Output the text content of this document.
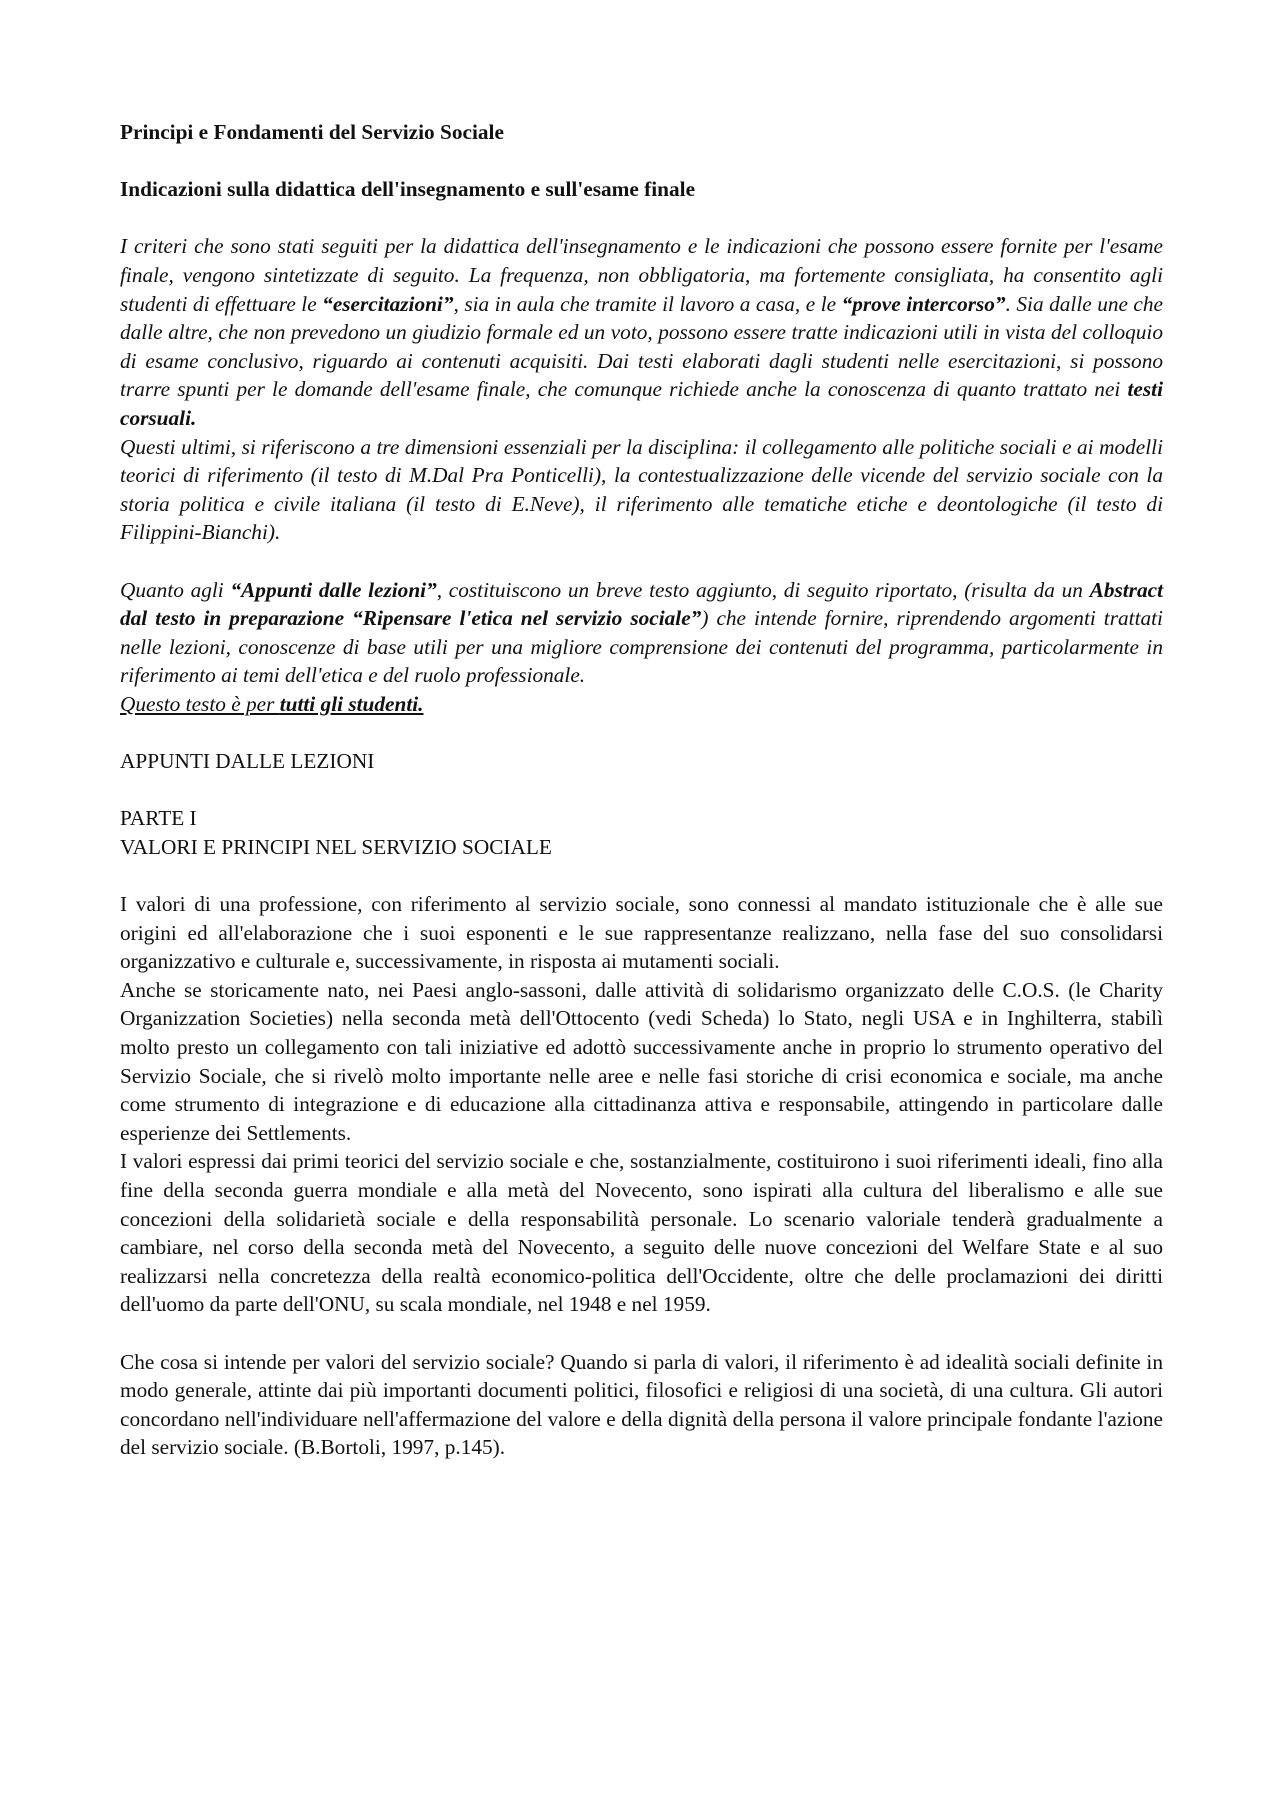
Principi e Fondamenti del Servizio Sociale

Indicazioni sulla didattica dell'insegnamento e sull'esame finale

I criteri che sono stati seguiti per la didattica dell'insegnamento e le indicazioni che possono essere fornite per l'esame finale, vengono sintetizzate di seguito. La frequenza, non obbligatoria, ma fortemente consigliata, ha consentito agli studenti di effettuare le “esercitazioni”, sia in aula che tramite il lavoro a casa, e le “prove intercorso”. Sia dalle une che dalle altre, che non prevedono un giudizio formale ed un voto, possono essere tratte indicazioni utili in vista del colloquio di esame conclusivo, riguardo ai contenuti acquisiti. Dai testi elaborati dagli studenti nelle esercitazioni, si possono trarre spunti per le domande dell'esame finale, che comunque richiede anche la conoscenza di quanto trattato nei testi corsuali.

Questi ultimi, si riferiscono a tre dimensioni essenziali per la disciplina: il collegamento alle politiche sociali e ai modelli teorici di riferimento (il testo di M.Dal Pra Ponticelli), la contestualizzazione delle vicende del servizio sociale con la storia politica e civile italiana (il testo di E.Neve), il riferimento alle tematiche etiche e deontologiche (il testo di Filippini-Bianchi).

Quanto agli “Appunti dalle lezioni”, costituiscono un breve testo aggiunto, di seguito riportato, (risulta da un Abstract dal testo in preparazione “Ripensare l'etica nel servizio sociale”) che intende fornire, riprendendo argomenti trattati nelle lezioni, conoscenze di base utili per una migliore comprensione dei contenuti del programma, particolarmente in riferimento ai temi dell'etica e del ruolo professionale.

Questo testo è per tutti gli studenti.

APPUNTI DALLE LEZIONI

PARTE I

VALORI E PRINCIPI NEL SERVIZIO SOCIALE

I valori di una professione, con riferimento al servizio sociale, sono connessi al mandato istituzionale che è alle sue origini ed all'elaborazione che i suoi esponenti e le sue rappresentanze realizzano, nella fase del suo consolidarsi organizzativo e culturale e, successivamente, in risposta ai mutamenti sociali.

Anche se storicamente nato, nei Paesi anglo-sassoni, dalle attività di solidarismo organizzato delle C.O.S. (le Charity Organizzation Societies) nella seconda metà dell'Ottocento (vedi Scheda) lo Stato, negli USA e in Inghilterra, stabilì molto presto un collegamento con tali iniziative ed adottò successivamente anche in proprio lo strumento operativo del Servizio Sociale, che si rivelò molto importante nelle aree e nelle fasi storiche di crisi economica e sociale, ma anche come strumento di integrazione e di educazione alla cittadinanza attiva e responsabile, attingendo in particolare dalle esperienze dei Settlements.

I valori espressi dai primi teorici del servizio sociale e che, sostanzialmente, costituirono i suoi riferimenti ideali, fino alla fine della seconda guerra mondiale e alla metà del Novecento, sono ispirati alla cultura del liberalismo e alle sue concezioni della solidarietà sociale e della responsabilità personale. Lo scenario valoriale tenderà gradualmente a cambiare, nel corso della seconda metà del Novecento, a seguito delle nuove concezioni del Welfare State e al suo realizzarsi nella concretezza della realtà economico-politica dell'Occidente, oltre che delle proclamazioni dei diritti dell'uomo da parte dell'ONU, su scala mondiale, nel 1948 e nel 1959.

Che cosa si intende per valori del servizio sociale? Quando si parla di valori, il riferimento è ad idealità sociali definite in modo generale, attinte dai più importanti documenti politici, filosofici e religiosi di una società, di una cultura. Gli autori concordano nell'individuare nell'affermazione del valore e della dignità della persona il valore principale fondante l'azione del servizio sociale. (B.Bortoli, 1997, p.145).
